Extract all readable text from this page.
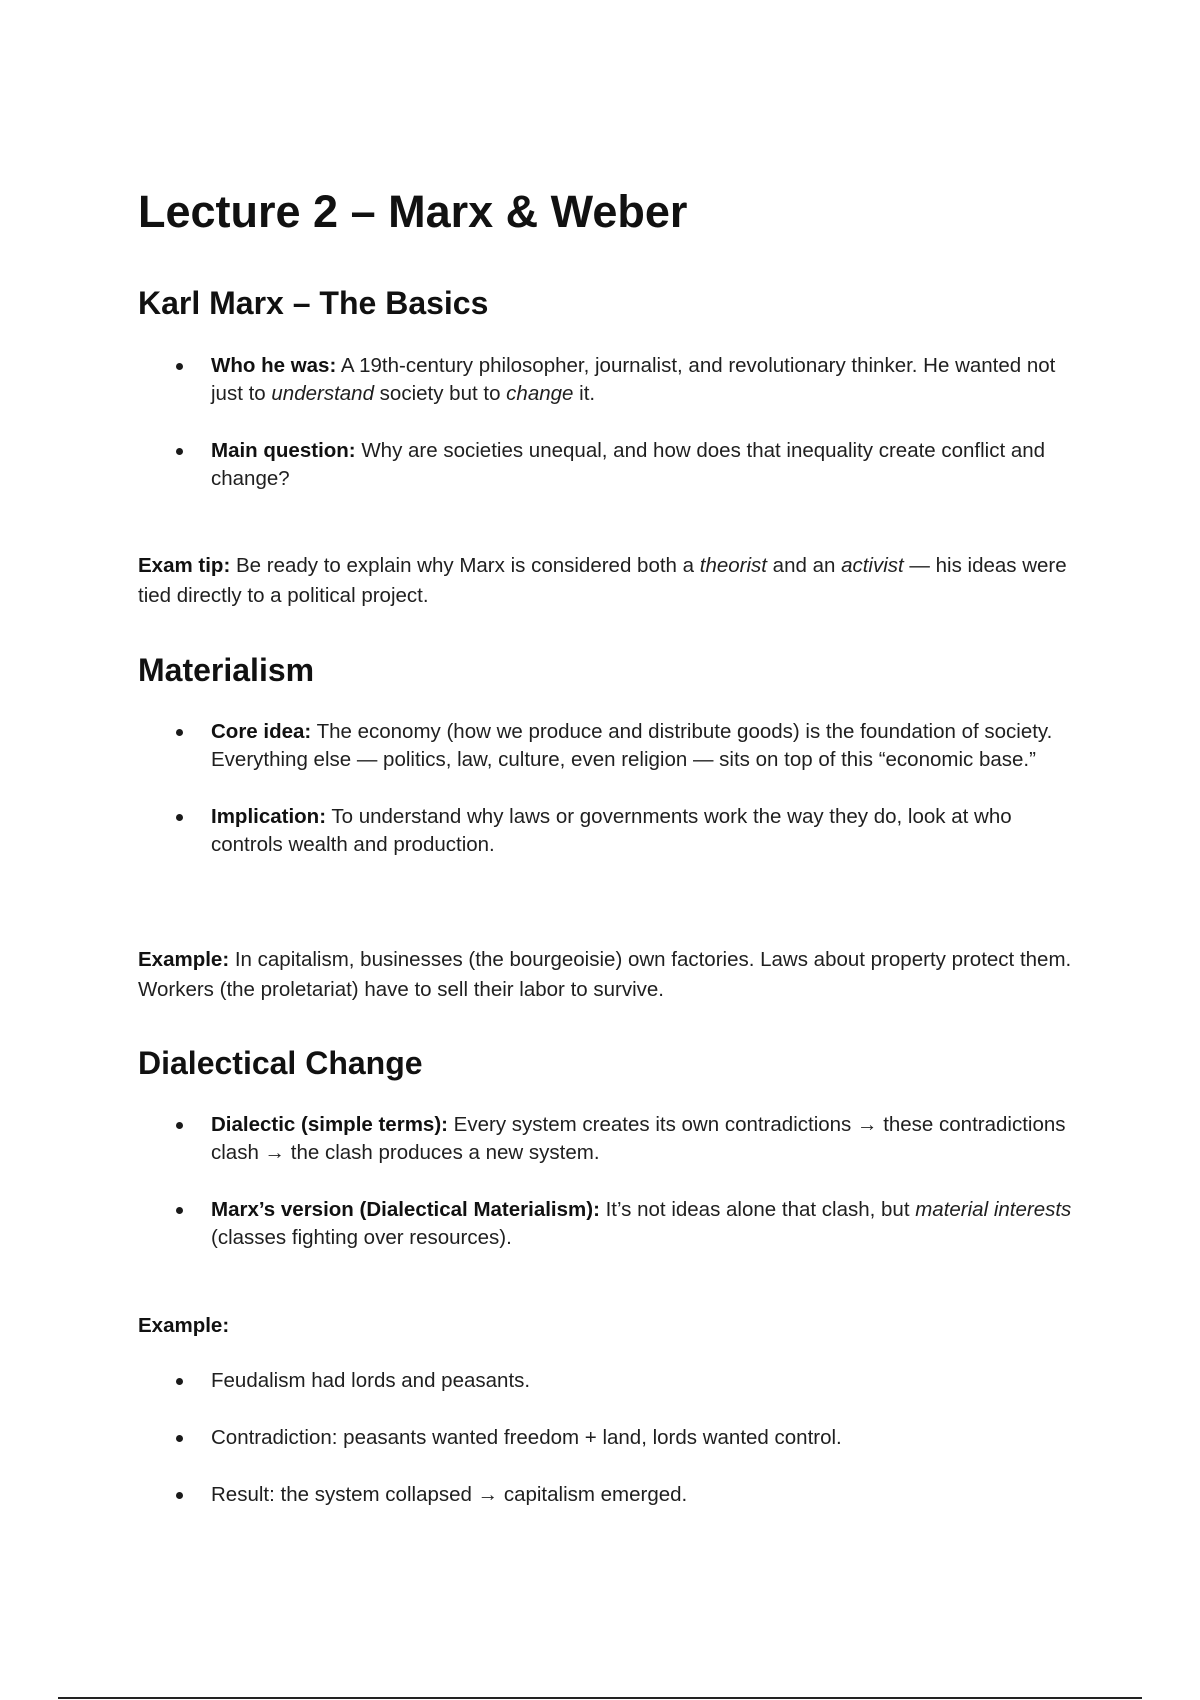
Lecture 2 – Marx & Weber
Karl Marx – The Basics
Who he was: A 19th-century philosopher, journalist, and revolutionary thinker. He wanted not just to understand society but to change it.
Main question: Why are societies unequal, and how does that inequality create conflict and change?

Exam tip: Be ready to explain why Marx is considered both a theorist and an activist — his ideas were tied directly to a political project.

Materialism
Core idea: The economy (how we produce and distribute goods) is the foundation of society. Everything else — politics, law, culture, even religion — sits on top of this “economic base.”
Implication: To understand why laws or governments work the way they do, look at who controls wealth and production.

Example: In capitalism, businesses (the bourgeoisie) own factories. Laws about property protect them. Workers (the proletariat) have to sell their labor to survive.

Dialectical Change
Dialectic (simple terms): Every system creates its own contradictions → these contradictions clash → the clash produces a new system.
Marx’s version (Dialectical Materialism): It’s not ideas alone that clash, but material interests (classes fighting over resources).

Example:

Feudalism had lords and peasants.
Contradiction: peasants wanted freedom + land, lords wanted control.
Result: the system collapsed → capitalism emerged.
